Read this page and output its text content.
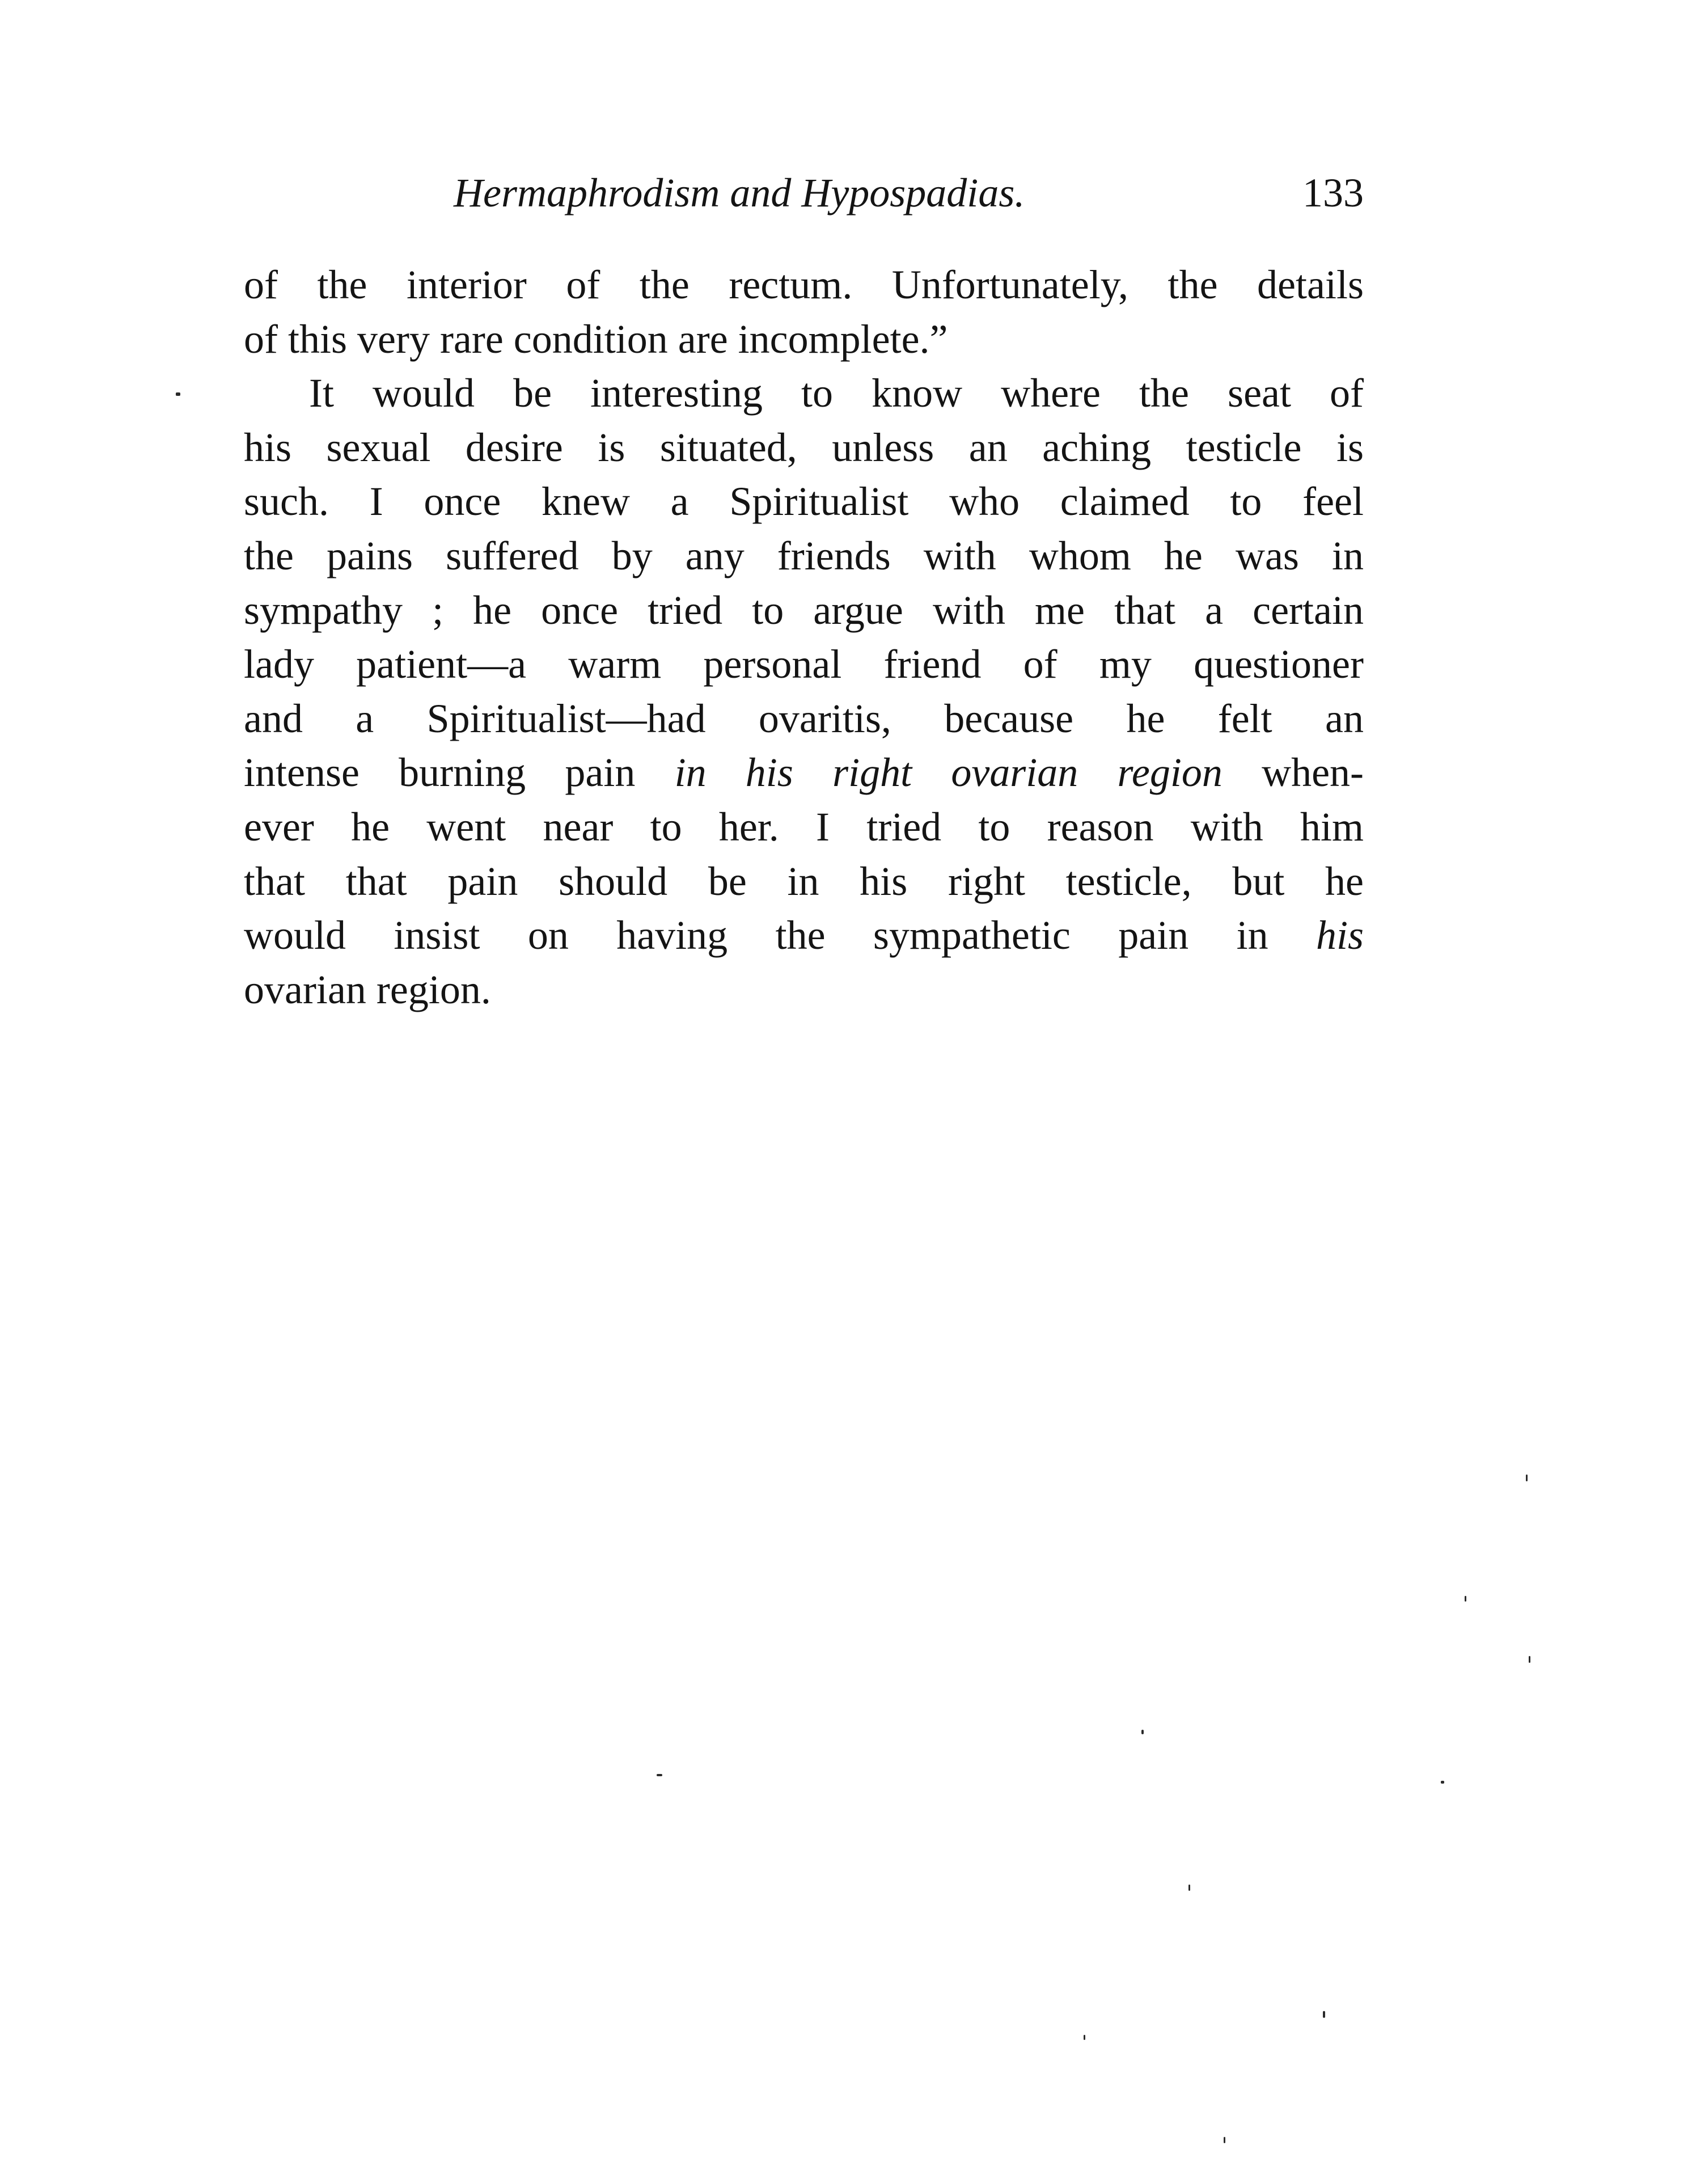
Hermaphrodism and Hypospadias.	133
of the interior of the rectum. Unfortunately, the details
of this very rare condition are incomplete.”
It would be interesting to know where the seat of
his sexual desire is situated, unless an aching testicle is
such. I once knew a Spiritualist who claimed to feel
the pains suffered by any friends with whom he was in
sympathy ; he once tried to argue with me that a certain
lady patient—a warm personal friend of my questioner
and a Spiritualist—had ovaritis, because he felt an
intense burning pain in his right ovarian region when-
ever he went near to her. I tried to reason with him
that that pain should be in his right testicle, but he
would insist on having the sympathetic pain in his
ovarian region.
